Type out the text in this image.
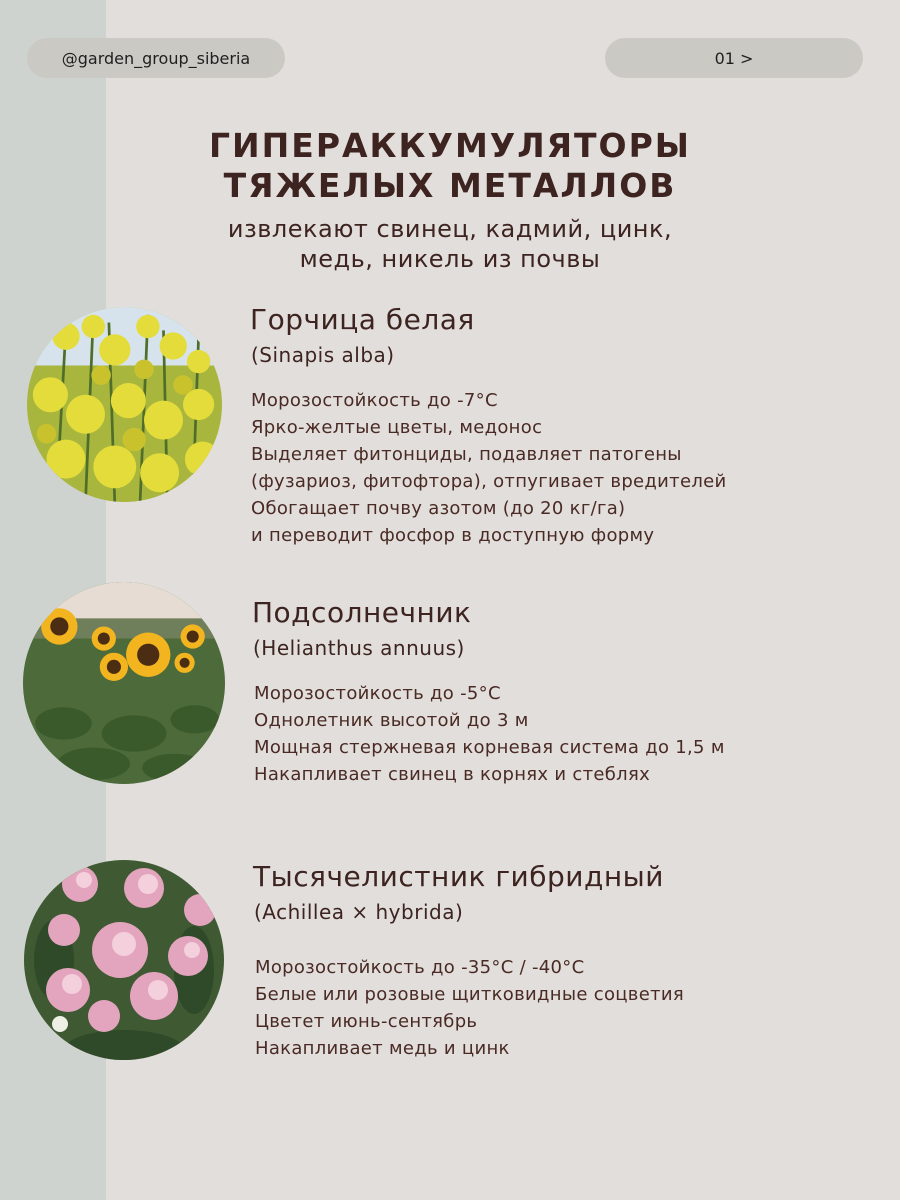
@garden_group_siberia	01 >
ГИПЕРАККУМУЛЯТОРЫ
ТЯЖЕЛЫХ МЕТАЛЛОВ
извлекают свинец, кадмий, цинк,
медь, никель из почвы
Горчица белая
(Sinapis alba)
Морозостойкость до -7°C
Ярко-желтые цветы, медонос
Выделяет фитонциды, подавляет патогены
(фузариоз, фитофтора), отпугивает вредителей
Обогащает почву азотом (до 20 кг/га)
и переводит фосфор в доступную форму
Подсолнечник
(Helianthus annuus)
Морозостойкость до -5°C
Однолетник высотой до 3 м
Мощная стержневая корневая система до 1,5 м
Накапливает свинец в корнях и стеблях
Тысячелистник гибридный
(Achillea × hybrida)
Морозостойкость до -35°C / -40°C
Белые или розовые щитковидные соцветия
Цветет июнь-сентябрь
Накапливает медь и цинк
